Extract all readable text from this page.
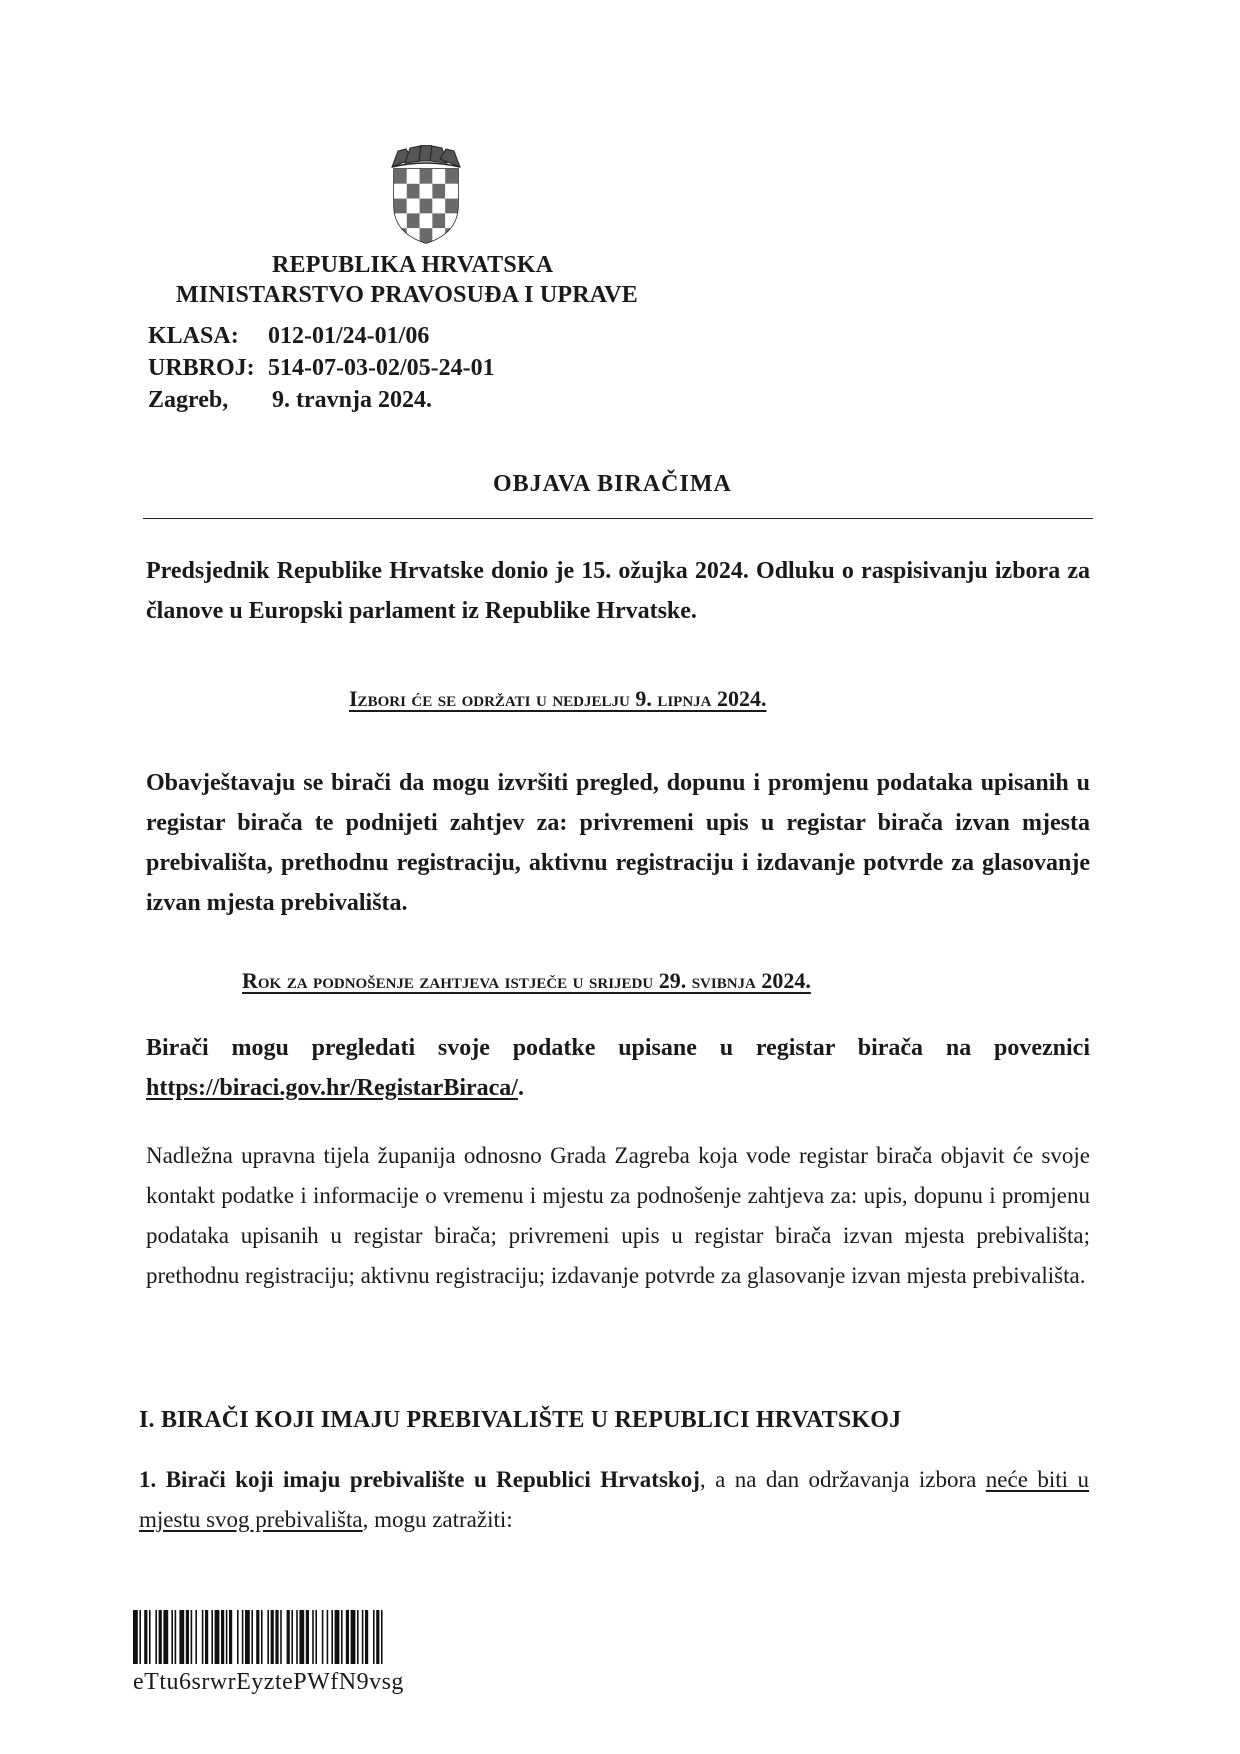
REPUBLIKA HRVATSKA
MINISTARSTVO PRAVOSUĐA I UPRAVE
KLASA: 012-01/24-01/06
URBROJ: 514-07-03-02/05-24-01
Zagreb, 9. travnja 2024.
OBJAVA BIRAČIMA
Predsjednik Republike Hrvatske donio je 15. ožujka 2024. Odluku o raspisivanju izbora za članove u Europski parlament iz Republike Hrvatske.
Izbori će se održati u nedjelju 9. lipnja 2024.
Obavještavaju se birači da mogu izvršiti pregled, dopunu i promjenu podataka upisanih u registar birača te podnijeti zahtjev za: privremeni upis u registar birača izvan mjesta prebivališta, prethodnu registraciju, aktivnu registraciju i izdavanje potvrde za glasovanje izvan mjesta prebivališta.
Rok za podnošenje zahtjeva istječe u srijedu 29. svibnja 2024.
Birači mogu pregledati svoje podatke upisane u registar birača na poveznici https://biraci.gov.hr/RegistarBiraca/.
Nadležna upravna tijela županija odnosno Grada Zagreba koja vode registar birača objavit će svoje kontakt podatke i informacije o vremenu i mjestu za podnošenje zahtjeva za: upis, dopunu i promjenu podataka upisanih u registar birača; privremeni upis u registar birača izvan mjesta prebivališta; prethodnu registraciju; aktivnu registraciju; izdavanje potvrde za glasovanje izvan mjesta prebivališta.
I. BIRAČI KOJI IMAJU PREBIVALIŠTE U REPUBLICI HRVATSKOJ
1. Birači koji imaju prebivalište u Republici Hrvatskoj, a na dan održavanja izbora neće biti u mjestu svog prebivališta, mogu zatražiti:
eTtu6srwrEyztePWfN9vsg
